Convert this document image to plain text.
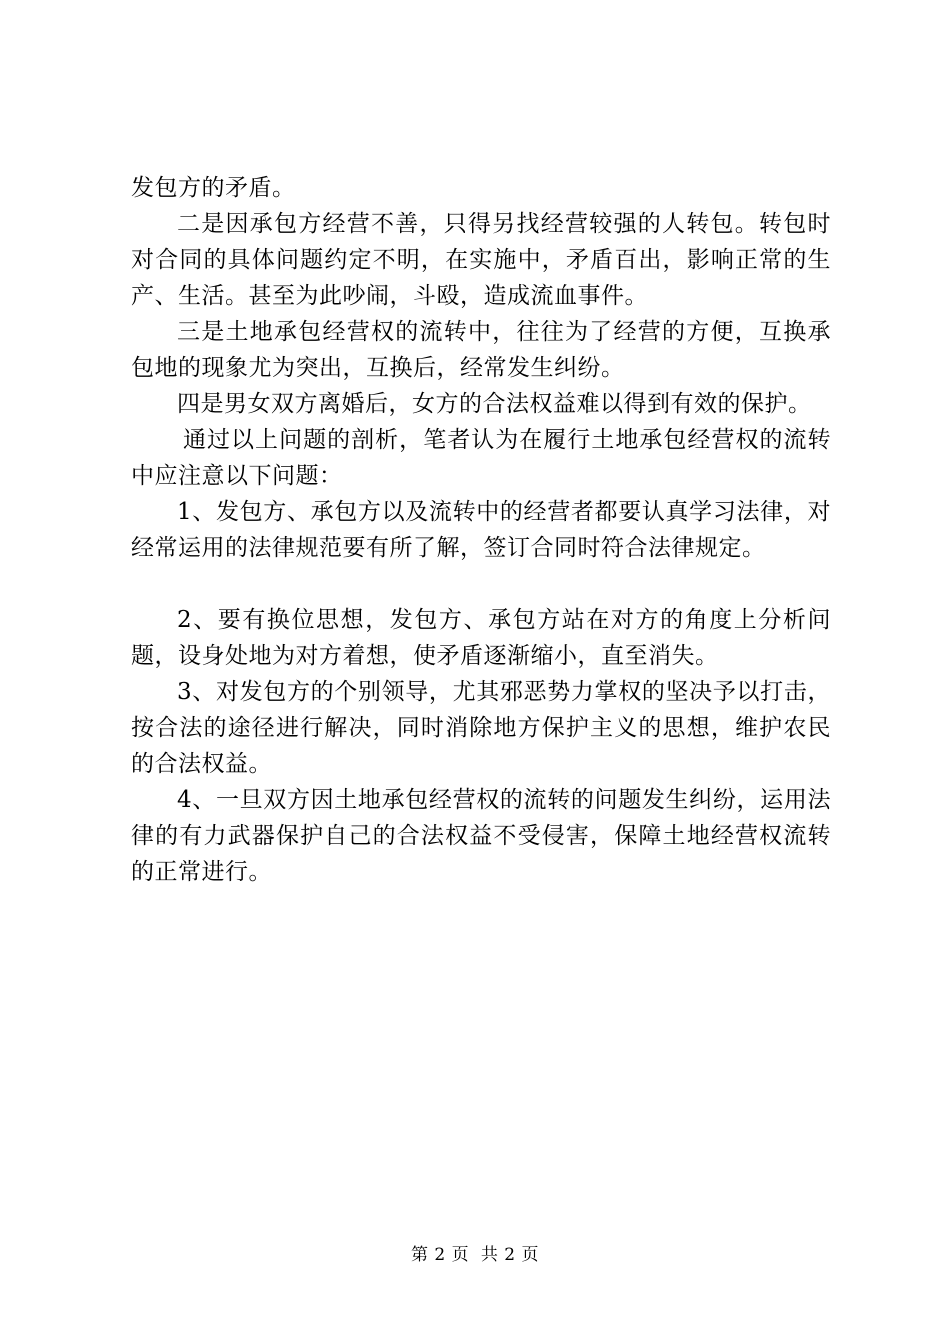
发包方的矛盾。

二是因承包方经营不善，只得另找经营较强的人转包。转包时对合同的具体问题约定不明，在实施中，矛盾百出，影响正常的生产、生活。甚至为此吵闹，斗殴，造成流血事件。

三是土地承包经营权的流转中，往往为了经营的方便，互换承包地的现象尤为突出，互换后，经常发生纠纷。

四是男女双方离婚后，女方的合法权益难以得到有效的保护。

通过以上问题的剖析，笔者认为在履行土地承包经营权的流转中应注意以下问题：

1、发包方、承包方以及流转中的经营者都要认真学习法律，对经常运用的法律规范要有所了解，签订合同时符合法律规定。

2、要有换位思想，发包方、承包方站在对方的角度上分析问题，设身处地为对方着想，使矛盾逐渐缩小，直至消失。

3、对发包方的个别领导，尤其邪恶势力掌权的坚决予以打击，按合法的途径进行解决，同时消除地方保护主义的思想，维护农民的合法权益。

4、一旦双方因土地承包经营权的流转的问题发生纠纷，运用法律的有力武器保护自己的合法权益不受侵害，保障土地经营权流转的正常进行。

第 2 页  共 2 页
